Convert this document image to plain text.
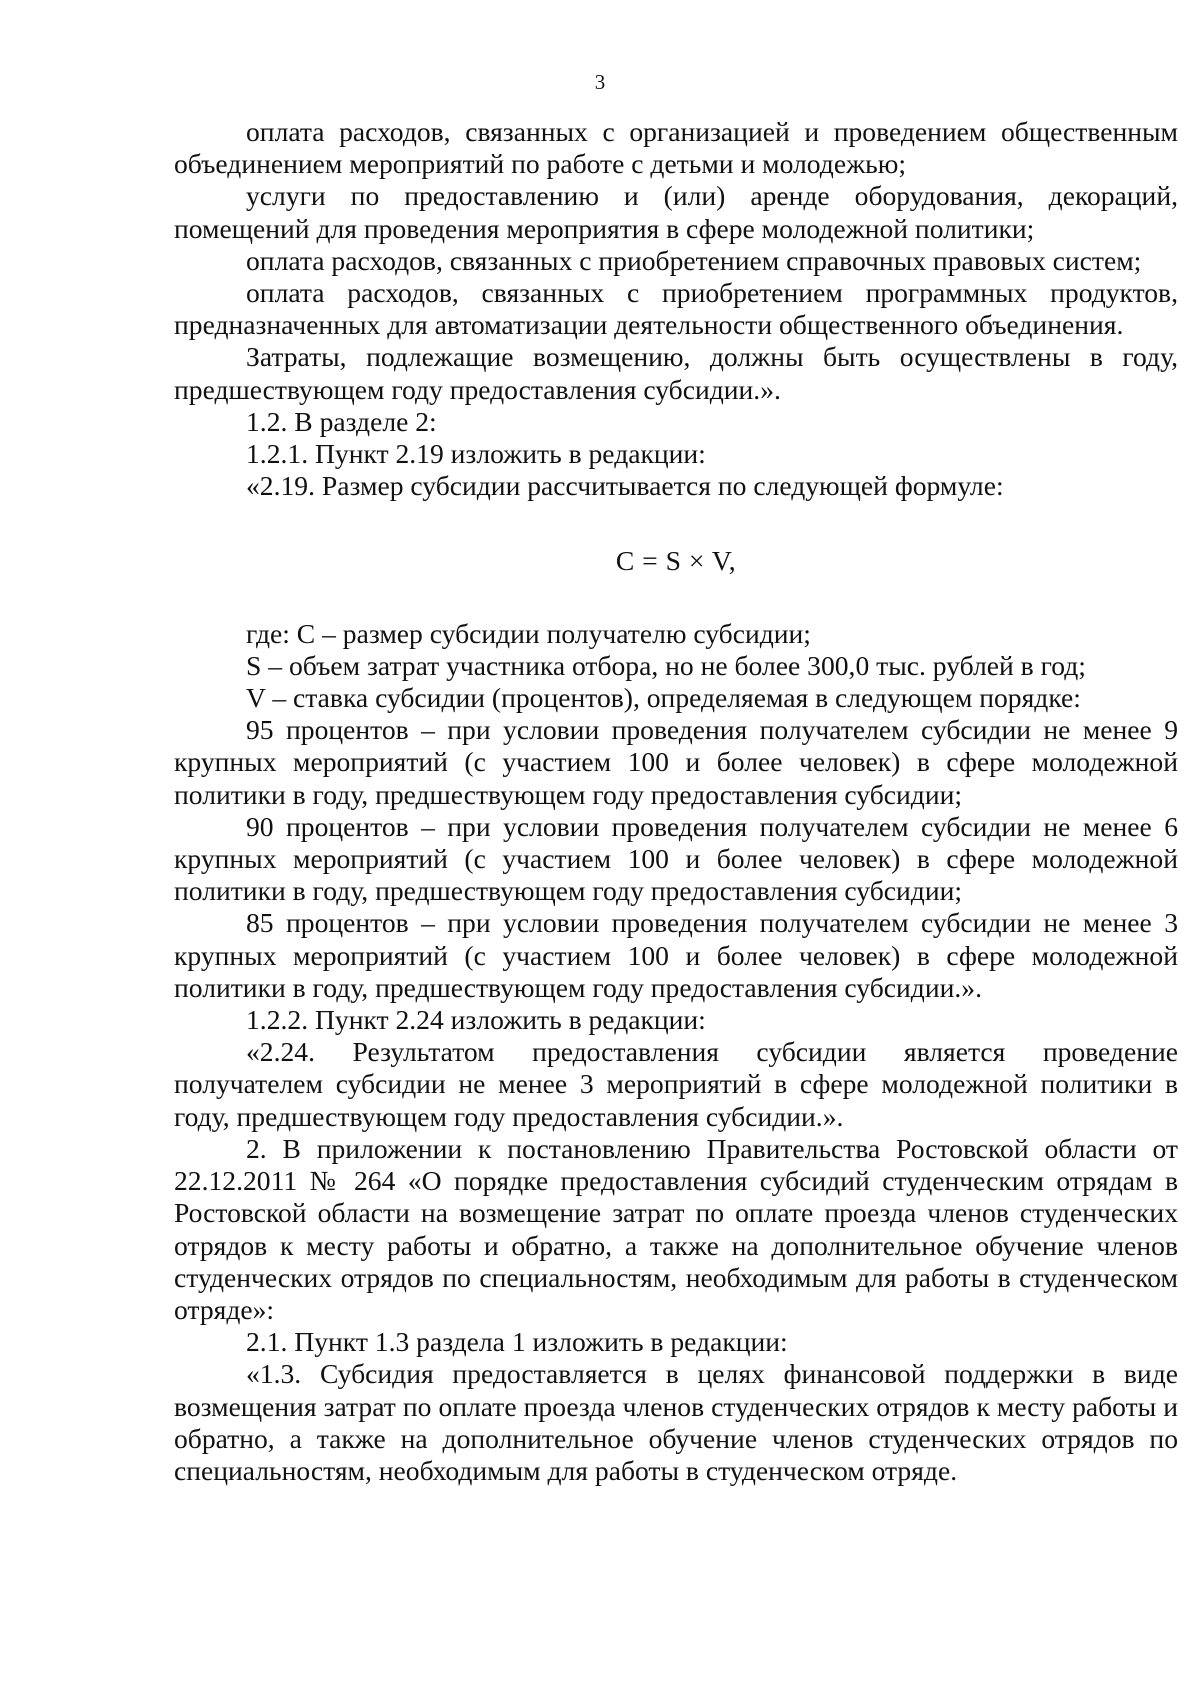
3

оплата расходов, связанных с организацией и проведением общественным объединением мероприятий по работе с детьми и молодежью;

услуги по предоставлению и (или) аренде оборудования, декораций, помещений для проведения мероприятия в сфере молодежной политики;

оплата расходов, связанных с приобретением справочных правовых систем;

оплата расходов, связанных с приобретением программных продуктов, предназначенных для автоматизации деятельности общественного объединения.

Затраты, подлежащие возмещению, должны быть осуществлены в году, предшествующем году предоставления субсидии.».

1.2. В разделе 2:

1.2.1. Пункт 2.19 изложить в редакции:

«2.19. Размер субсидии рассчитывается по следующей формуле:

C = S × V,

где: C – размер субсидии получателю субсидии;

S – объем затрат участника отбора, но не более 300,0 тыс. рублей в год;

V – ставка субсидии (процентов), определяемая в следующем порядке:

95 процентов – при условии проведения получателем субсидии не менее 9 крупных мероприятий (с участием 100 и более человек) в сфере молодежной политики в году, предшествующем году предоставления субсидии;

90 процентов – при условии проведения получателем субсидии не менее 6 крупных мероприятий (с участием 100 и более человек) в сфере молодежной политики в году, предшествующем году предоставления субсидии;

85 процентов – при условии проведения получателем субсидии не менее 3 крупных мероприятий (с участием 100 и более человек) в сфере молодежной политики в году, предшествующем году предоставления субсидии.».

1.2.2. Пункт 2.24 изложить в редакции:

«2.24. Результатом предоставления субсидии является проведение получателем субсидии не менее 3 мероприятий в сфере молодежной политики в году, предшествующем году предоставления субсидии.».

2. В приложении к постановлению Правительства Ростовской области от 22.12.2011 № 264 «О порядке предоставления субсидий студенческим отрядам в Ростовской области на возмещение затрат по оплате проезда членов студенческих отрядов к месту работы и обратно, а также на дополнительное обучение членов студенческих отрядов по специальностям, необходимым для работы в студенческом отряде»:

2.1. Пункт 1.3 раздела 1 изложить в редакции:

«1.3. Субсидия предоставляется в целях финансовой поддержки в виде возмещения затрат по оплате проезда членов студенческих отрядов к месту работы и обратно, а также на дополнительное обучение членов студенческих отрядов по специальностям, необходимым для работы в студенческом отряде.
